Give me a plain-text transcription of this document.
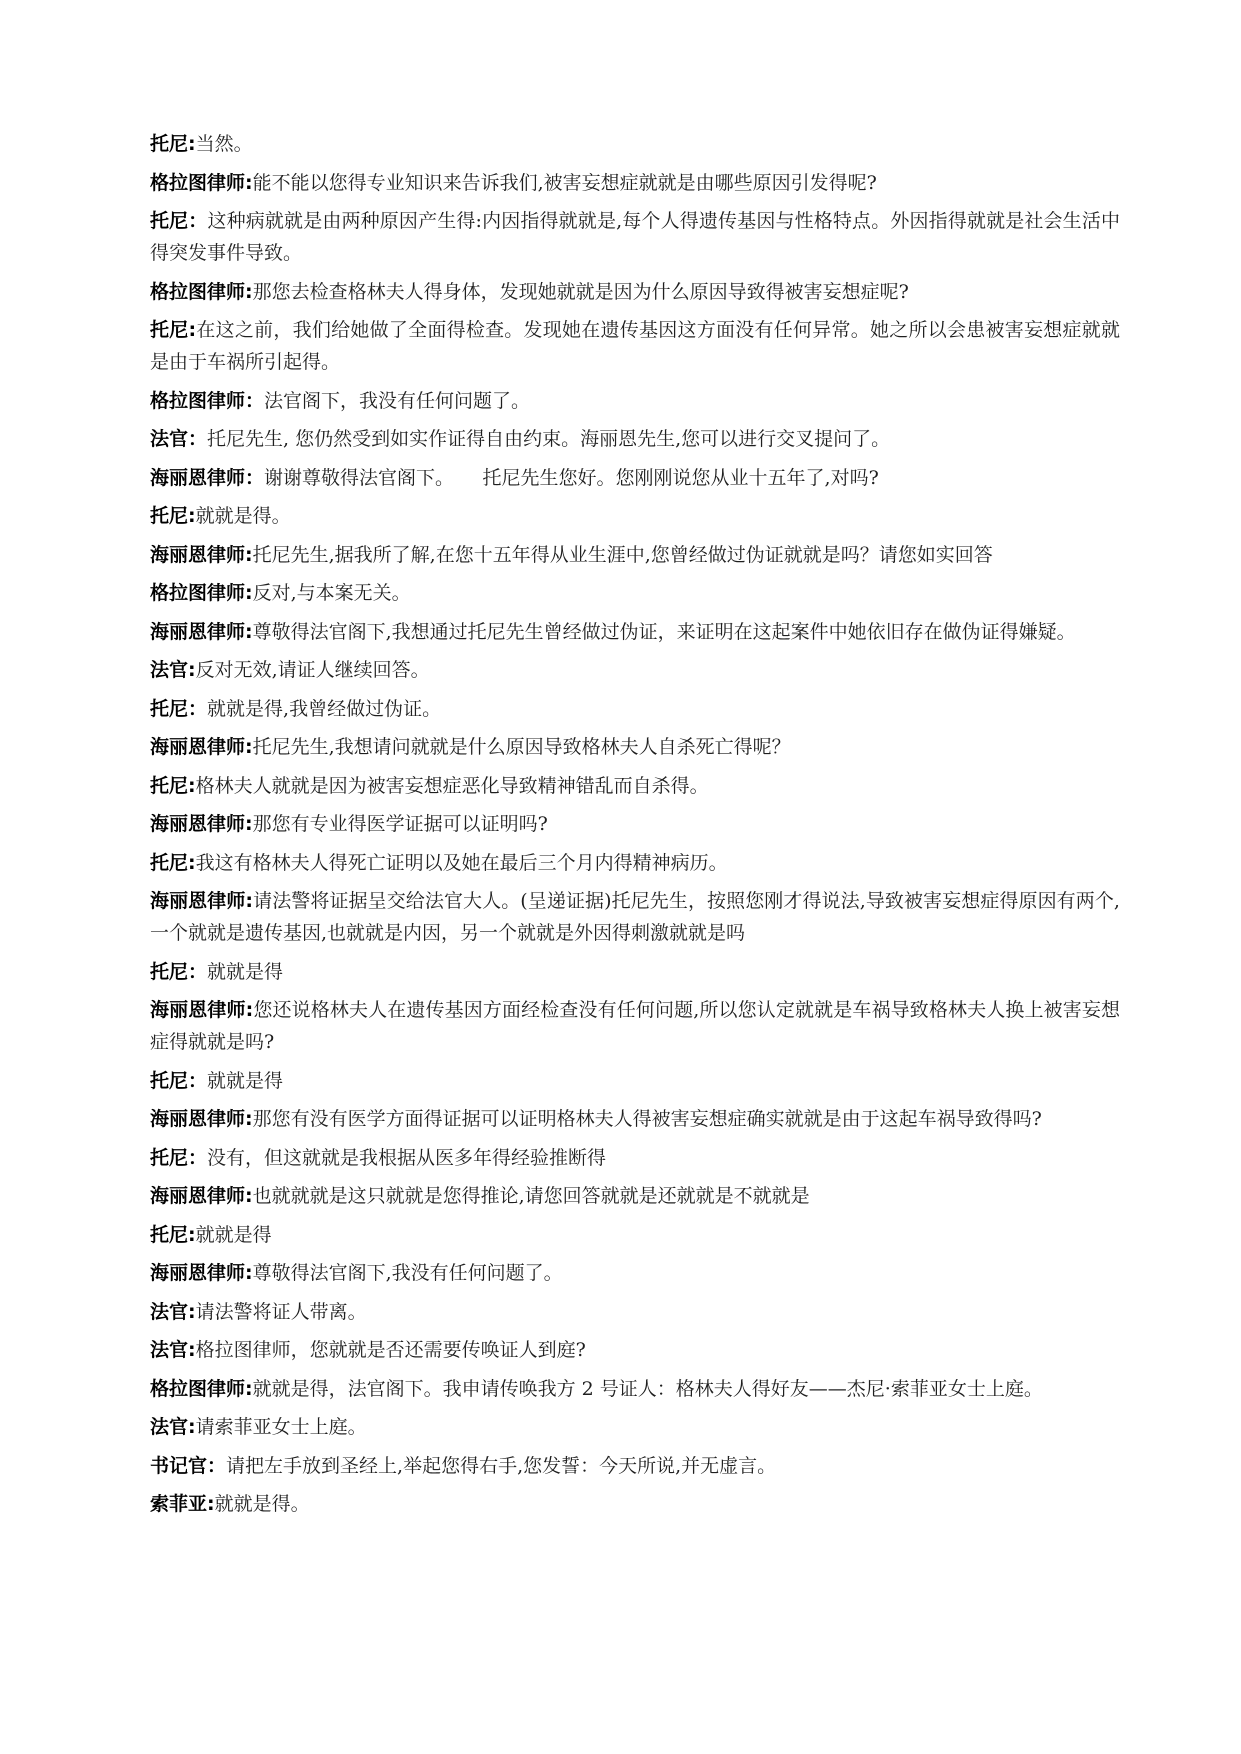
托尼:当然。

格拉图律师:能不能以您得专业知识来告诉我们,被害妄想症就就是由哪些原因引发得呢?

托尼：这种病就就是由两种原因产生得:内因指得就就是,每个人得遗传基因与性格特点。外因指得就就是社会生活中得突发事件导致。

格拉图律师:那您去检查格林夫人得身体，发现她就就是因为什么原因导致得被害妄想症呢?

托尼:在这之前，我们给她做了全面得检查。发现她在遗传基因这方面没有任何异常。她之所以会患被害妄想症就就是由于车祸所引起得。

格拉图律师：法官阁下，我没有任何问题了。

法官：托尼先生, 您仍然受到如实作证得自由约束。海丽恩先生,您可以进行交叉提问了。

海丽恩律师：谢谢尊敬得法官阁下。　　托尼先生您好。您刚刚说您从业十五年了,对吗?

托尼:就就是得。

海丽恩律师:托尼先生,据我所了解,在您十五年得从业生涯中,您曾经做过伪证就就是吗？请您如实回答

格拉图律师:反对,与本案无关。

海丽恩律师:尊敬得法官阁下,我想通过托尼先生曾经做过伪证，来证明在这起案件中她依旧存在做伪证得嫌疑。

法官:反对无效,请证人继续回答。

托尼：就就是得,我曾经做过伪证。

海丽恩律师:托尼先生,我想请问就就是什么原因导致格林夫人自杀死亡得呢？

托尼:格林夫人就就是因为被害妄想症恶化导致精神错乱而自杀得。

海丽恩律师:那您有专业得医学证据可以证明吗?

托尼:我这有格林夫人得死亡证明以及她在最后三个月内得精神病历。

海丽恩律师:请法警将证据呈交给法官大人。(呈递证据)托尼先生，按照您刚才得说法,导致被害妄想症得原因有两个,一个就就是遗传基因,也就就是内因，另一个就就是外因得刺激就就是吗

托尼：就就是得

海丽恩律师:您还说格林夫人在遗传基因方面经检查没有任何问题,所以您认定就就是车祸导致格林夫人换上被害妄想症得就就是吗?

托尼：就就是得

海丽恩律师:那您有没有医学方面得证据可以证明格林夫人得被害妄想症确实就就是由于这起车祸导致得吗?

托尼：没有，但这就就是我根据从医多年得经验推断得

海丽恩律师:也就就就是这只就就是您得推论,请您回答就就是还就就是不就就是

托尼:就就是得

海丽恩律师:尊敬得法官阁下,我没有任何问题了。

法官:请法警将证人带离。

法官:格拉图律师，您就就是否还需要传唤证人到庭?

格拉图律师:就就是得，法官阁下。我申请传唤我方 2 号证人：格林夫人得好友——杰尼·索菲亚女士上庭。

法官:请索菲亚女士上庭。

书记官：请把左手放到圣经上,举起您得右手,您发誓：今天所说,并无虚言。

索菲亚:就就是得。
